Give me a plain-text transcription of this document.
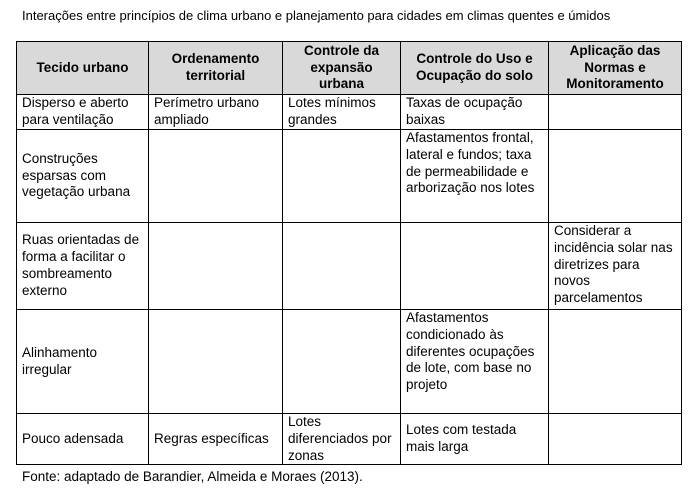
Interações entre princípios de clima urbano e planejamento para cidades em climas quentes e úmidos

Tecido urbano	Ordenamento territorial	Controle da expansão urbana	Controle do Uso e Ocupação do solo	Aplicação das Normas e Monitoramento
Disperso e aberto para ventilação	Perímetro urbano ampliado	Lotes mínimos grandes	Taxas de ocupação baixas	
Construções esparsas com vegetação urbana			Afastamentos frontal, lateral e fundos; taxa de permeabilidade e arborização nos lotes	
Ruas orientadas de forma a facilitar o sombreamento externo				Considerar a incidência solar nas diretrizes para novos parcelamentos
Alinhamento irregular			Afastamentos condicionado às diferentes ocupações de lote, com base no projeto	
Pouco adensada	Regras específicas	Lotes diferenciados por zonas	Lotes com testada mais larga	

Fonte: adaptado de Barandier, Almeida e Moraes (2013).
